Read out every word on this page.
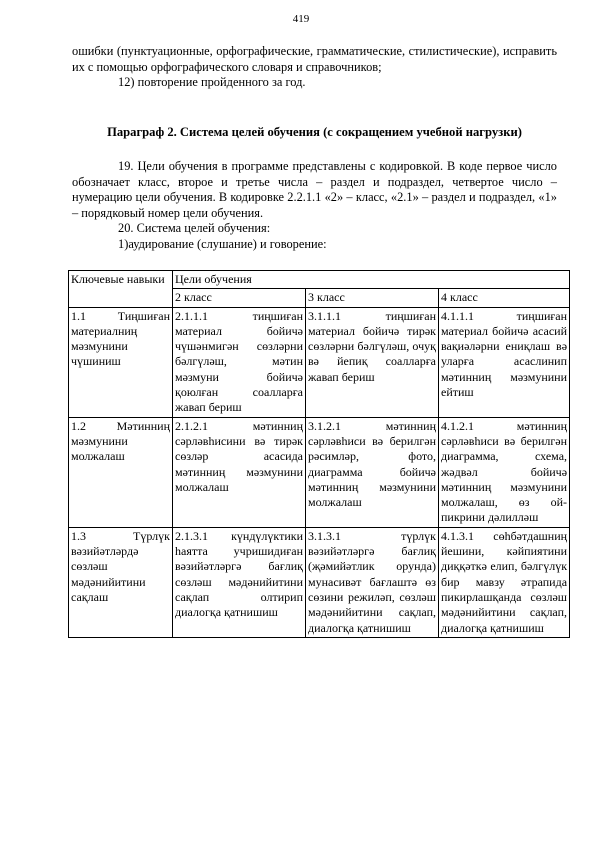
419

ошибки (пунктуационные, орфографические, грамматические, стилистические), исправить их с помощью орфографического словаря и справочников;

12) повторение пройденного за год.

Параграф 2. Система целей обучения (с сокращением учебной нагрузки)

19. Цели обучения в программе представлены с кодировкой. В коде первое число обозначает класс, второе и третье числа – раздел и подраздел, четвертое число – нумерацию цели обучения. В кодировке 2.2.1.1 «2» – класс, «2.1» – раздел и подраздел, «1» – порядковый номер цели обучения.

20. Система целей обучения:

1)аудирование (слушание) и говорение:

Ключевые навыки	Цели обучения		
	2 класс	3 класс	4 класс
1.1 Тиңшиған материалниң мәзмунини чүшиниш	2.1.1.1 тиңшиған материал бойичә чүшәнмигән сөзләрни бәлгүләш, мәтин мәзмуни бойичә қоюлған соалларға жавап бериш	3.1.1.1 тиңшиған материал бойичә тирәк сөзләрни бәлгүләш, очуқ вә йепиқ соалларға жавап бериш	4.1.1.1 тиңшиған материал бойичә асасий вақиәләрни ениқлаш вә уларға асаслинип мәтинниң мәзмунини ейтиш
1.2 Мәтинниң мәзмунини молжалаш	2.1.2.1 мәтинниң сәрләвһисини вә тирәк сөзләр асасида мәтинниң мәзмунини молжалаш	3.1.2.1 мәтинниң сәрләвһиси вә берилгән рәсимләр, фото, диаграмма бойичә мәтинниң мәзмунини молжалаш	4.1.2.1 мәтинниң сәрләвһиси вә берилгән диаграмма, схема, жәдвәл бойичә мәтинниң мәзмунини молжалаш, өз ой-пикрини дәлилләш
1.3 Түрлүк вәзийәтләрдә сөзләш мәдәнийитини сақлаш	2.1.3.1 күндүлүктики һаятта учришидиған вәзийәтләргә бағлиқ сөзләш мәдәнийитини сақлап олтирип диалогқа қатнишиш	3.1.3.1 түрлүк вәзийәтләргә бағлиқ (җәмийәтлик орунда) мунасивәт бағлаштә өз сөзини режиләп, сөзләш мәдәнийитини сақлап, диалогқа қатнишиш	4.1.3.1 сөһбәтдашниң йешини, кәйпиятини диққәткә елип, бәлгүлүк бир мавзу әтрапида пикирлашқанда сөзләш мәдәнийитини сақлап, диалогқа қатнишиш
